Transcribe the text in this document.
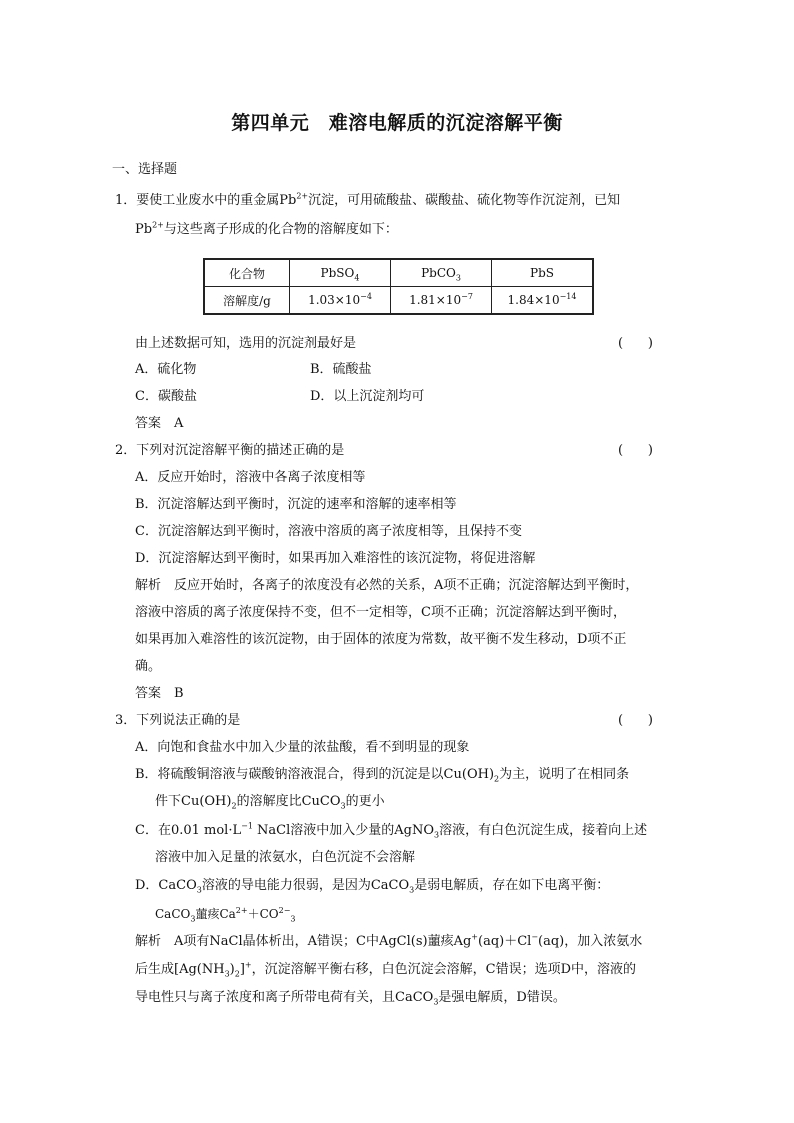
第四单元　难溶电解质的沉淀溶解平衡
一、选择题
1．要使工业废水中的重金属$Pb^{2+}$沉淀，可用硫酸盐、碳酸盐、硫化物等作沉淀剂，已知
$Pb^{2+}$与这些离子形成的化合物的溶解度如下：
化合物	PbSO$_4$	PbCO$_3$	PbS
溶解度/g	$1.03\times 10^{-4}$	$1.81\times 10^{-7}$	$1.84\times 10^{-14}$
由上述数据可知，选用的沉淀剂最好是	(      )
A．硫化物	B．硫酸盐
C．碳酸盐	D．以上沉淀剂均可
答案　A
2．下列对沉淀溶解平衡的描述正确的是	(      )
A．反应开始时，溶液中各离子浓度相等
B．沉淀溶解达到平衡时，沉淀的速率和溶解的速率相等
C．沉淀溶解达到平衡时，溶液中溶质的离子浓度相等，且保持不变
D．沉淀溶解达到平衡时，如果再加入难溶性的该沉淀物，将促进溶解
解析　反应开始时，各离子的浓度没有必然的关系，A项不正确；沉淀溶解达到平衡时，
溶液中溶质的离子浓度保持不变，但不一定相等，C项不正确；沉淀溶解达到平衡时，
如果再加入难溶性的该沉淀物，由于固体的浓度为常数，故平衡不发生移动，D项不正
确。
答案　B
3．下列说法正确的是	(      )
A．向饱和食盐水中加入少量的浓盐酸，看不到明显的现象
B．将硫酸铜溶液与碳酸钠溶液混合，得到的沉淀是以$Cu(OH)_2$为主，说明了在相同条
件下$Cu(OH)_2$的溶解度比CuCO$_3$的更小
C．在0.01 $mol\cdot L^{-1}$ NaCl溶液中加入少量的AgNO$_3$溶液，有白色沉淀生成，接着向上述
溶液中加入足量的浓氨水，白色沉淀不会溶解
D．CaCO$_3$溶液的导电能力很弱，是因为CaCO$_3$是弱电解质，存在如下电离平衡：
CaCO$_3$蘁痎$Ca^{2+}+CO^{2-}_3$
解析　A项有NaCl晶体析出，A错误；C中AgCl(s)蘁痎Ag+(aq)＋Cl−(aq)，加入浓氨水
后生成$[Ag(NH_3)_2]^+$，沉淀溶解平衡右移，白色沉淀会溶解，C错误；选项D中，溶液的
导电性只与离子浓度和离子所带电荷有关，且CaCO$_3$是强电解质，D错误。
